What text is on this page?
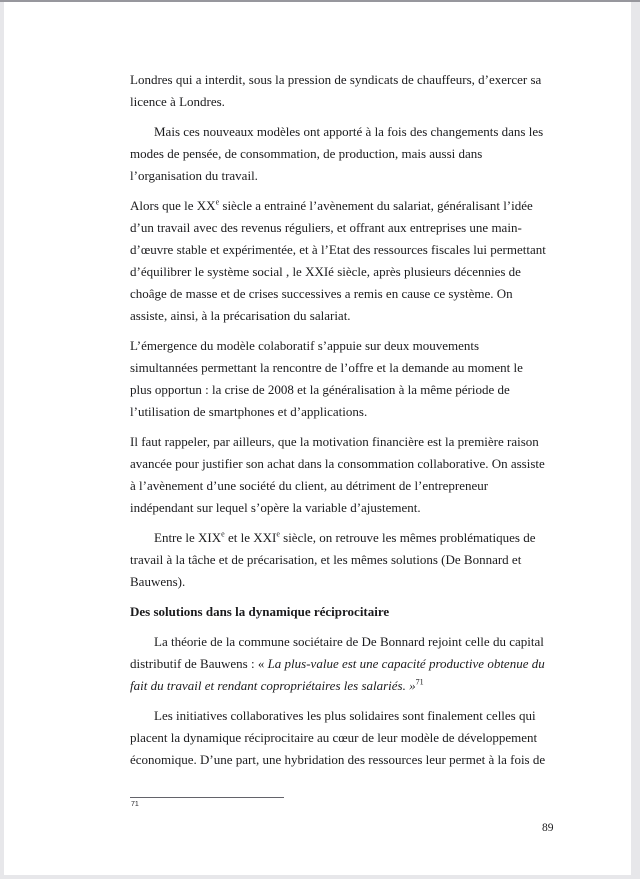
Londres qui a interdit, sous la pression de syndicats de chauffeurs, d’exercer sa licence à Londres.

Mais ces nouveaux modèles ont apporté à la fois des changements dans les modes de pensée, de consommation, de production, mais aussi dans l’organisation du travail.

Alors que le XXe siècle a entrainé l’avènement du salariat, généralisant l’idée d’un travail avec des revenus réguliers, et offrant aux entreprises une main-d’œuvre stable et expérimentée, et à l’Etat des ressources fiscales lui permettant d’équilibrer le système social , le XXIé siècle, après plusieurs décennies de choâge de masse et de crises successives a remis en cause ce système. On assiste, ainsi, à la précarisation du salariat.

L’émergence du modèle colaboratif s’appuie sur deux mouvements simultannées permettant la rencontre de l’offre et la demande au moment le plus opportun : la crise de 2008 et la généralisation à la même période de l’utilisation de smartphones et d’applications.

Il faut rappeler, par ailleurs, que la motivation financière est la première raison avancée pour justifier son achat dans la consommation collaborative. On assiste à l’avènement d’une société du client, au détriment de l’entrepreneur indépendant sur lequel s’opère la variable d’ajustement.

Entre le XIXe et le XXIe siècle, on retrouve les mêmes problématiques de travail à la tâche et de précarisation, et les mêmes solutions (De Bonnard et Bauwens).

Des solutions dans la dynamique réciprocitaire

La théorie de la commune sociétaire de De Bonnard rejoint celle du capital distributif de Bauwens : « La plus-value est une capacité productive obtenue du fait du travail et rendant copropriétaires les salariés. »$^{71}$

Les initiatives collaboratives les plus solidaires sont finalement celles qui placent la dynamique réciprocitaire au cœur de leur modèle de développement économique. D’une part, une hybridation des ressources leur permet à la fois de

71
89
